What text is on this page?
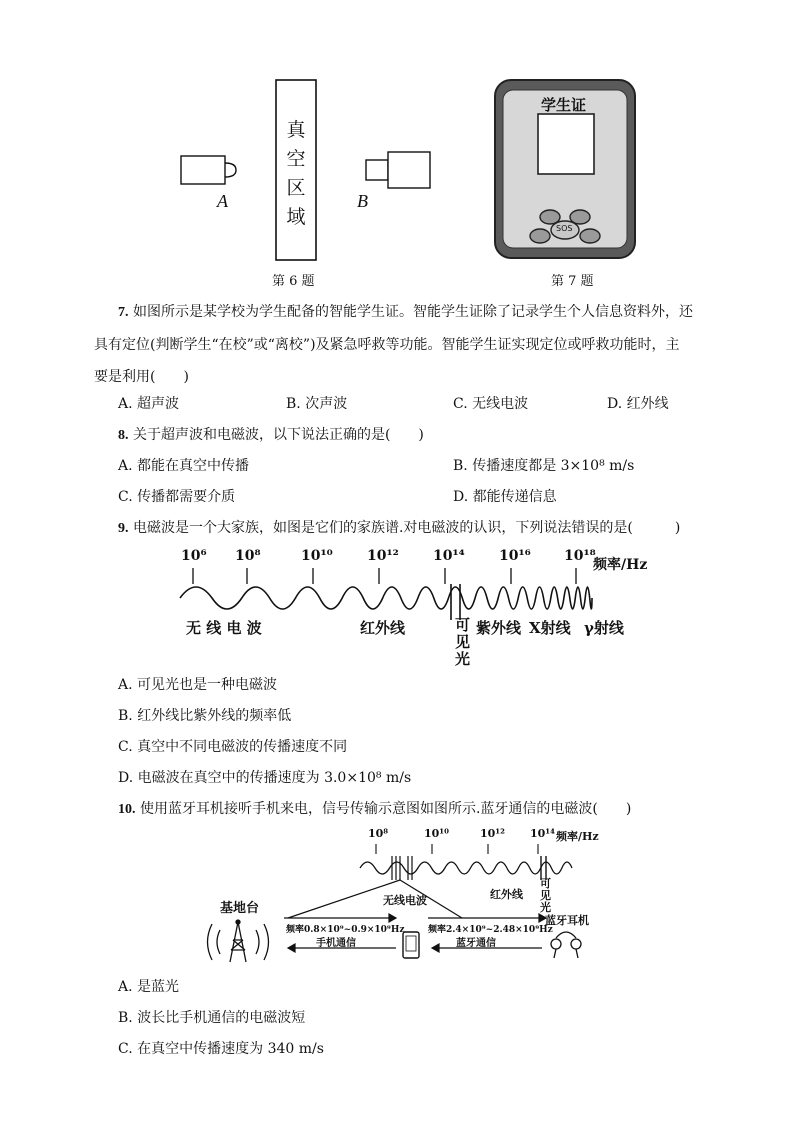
真
空
区
域
A	B
第 6 题
学生证
SOS
第 7 题
7. 如图所示是某学校为学生配备的智能学生证。智能学生证除了记录学生个人信息资料外，还
具有定位(判断学生“在校”或“离校”)及紧急呼救等功能。智能学生证实现定位或呼救功能时，主
要是利用(　　)
A. 超声波	B. 次声波	C. 无线电波	D. 红外线
8. 关于超声波和电磁波，以下说法正确的是(　　)
A. 都能在真空中传播	B. 传播速度都是 3×10⁸ m/s
C. 传播都需要介质	D. 都能传递信息
9. 电磁波是一个大家族，如图是它们的家族谱.对电磁波的认识，下列说法错误的是(　　　)
10⁶ 10⁸	10¹⁰ 10¹² 10¹⁴ 10¹⁶ 10¹⁸
频率/Hz
无 线 电 波	红外线	可
见
光
紫外线 X射线 γ射线
A. 可见光也是一种电磁波
B. 红外线比紫外线的频率低
C. 真空中不同电磁波的传播速度不同
D. 电磁波在真空中的传播速度为 3.0×10⁸ m/s
10. 使用蓝牙耳机接听手机来电，信号传输示意图如图所示.蓝牙通信的电磁波(　　)
10⁸	10¹⁰	10¹² 10¹⁴ 频率/Hz
无线电波	红外线
可
见
光
基地台
频率0.8×10⁹~0.9×10⁹Hz
手机通信
频率2.4×10⁹~2.48×10⁹Hz
蓝牙通信
蓝牙耳机
A. 是蓝光
B. 波长比手机通信的电磁波短
C. 在真空中传播速度为 340 m/s
